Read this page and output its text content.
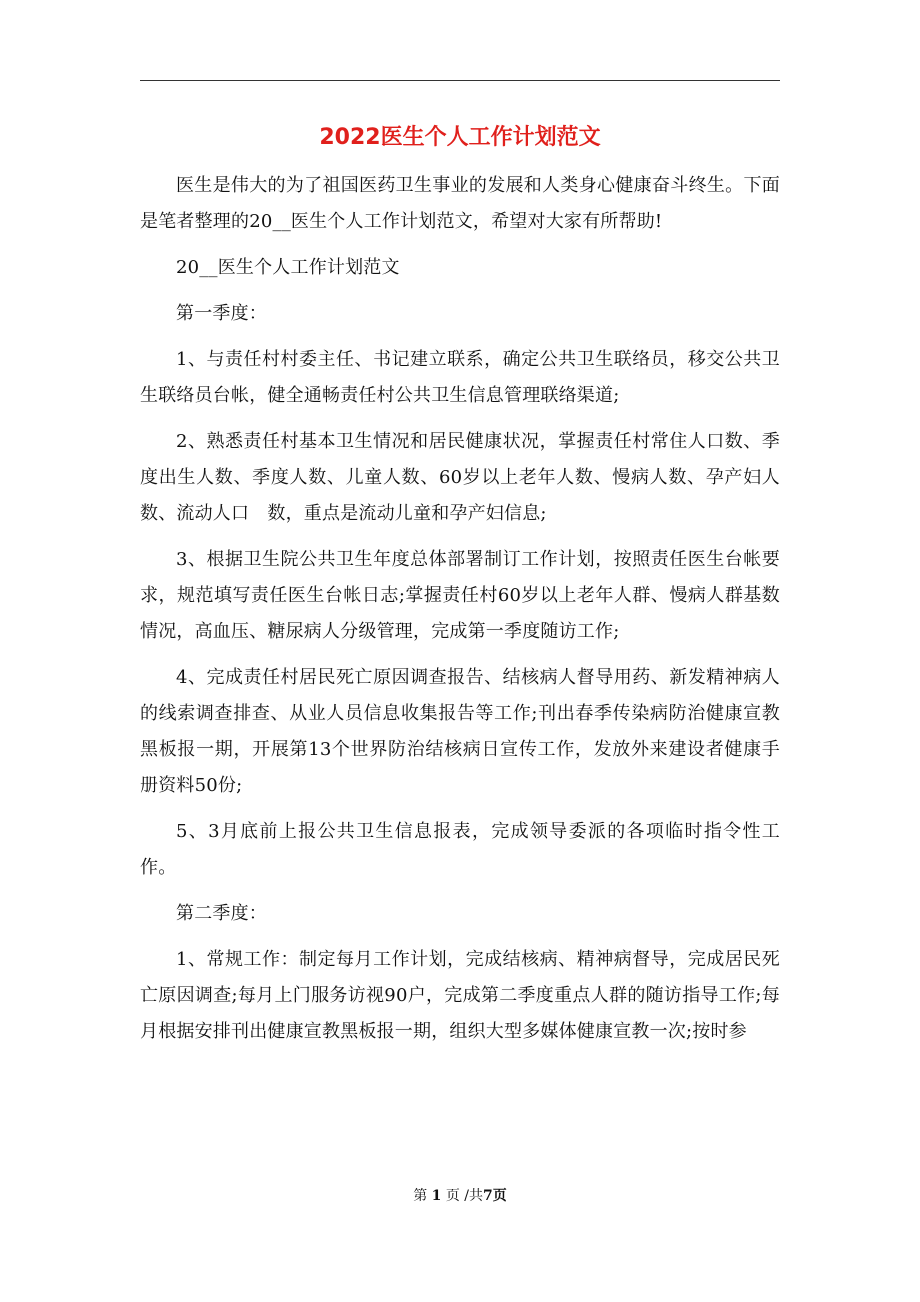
2022医生个人工作计划范文

医生是伟大的为了祖国医药卫生事业的发展和人类身心健康奋斗终生。下面是笔者整理的20__医生个人工作计划范文，希望对大家有所帮助!

20__医生个人工作计划范文

第一季度：

1、与责任村村委主任、书记建立联系，确定公共卫生联络员，移交公共卫生联络员台帐，健全通畅责任村公共卫生信息管理联络渠道;

2、熟悉责任村基本卫生情况和居民健康状况，掌握责任村常住人口数、季度出生人数、季度人数、儿童人数、60岁以上老年人数、慢病人数、孕产妇人数、流动人口　数，重点是流动儿童和孕产妇信息;

3、根据卫生院公共卫生年度总体部署制订工作计划，按照责任医生台帐要求，规范填写责任医生台帐日志;掌握责任村60岁以上老年人群、慢病人群基数情况，高血压、糖尿病人分级管理，完成第一季度随访工作;

4、完成责任村居民死亡原因调查报告、结核病人督导用药、新发精神病人的线索调查排查、从业人员信息收集报告等工作;刊出春季传染病防治健康宣教黑板报一期，开展第13个世界防治结核病日宣传工作，发放外来建设者健康手册资料50份;

5、3月底前上报公共卫生信息报表，完成领导委派的各项临时指令性工作。

第二季度：

1、常规工作：制定每月工作计划，完成结核病、精神病督导，完成居民死亡原因调查;每月上门服务访视90户，完成第二季度重点人群的随访指导工作;每月根据安排刊出健康宣教黑板报一期，组织大型多媒体健康宣教一次;按时参

第 1 页 /共7页
